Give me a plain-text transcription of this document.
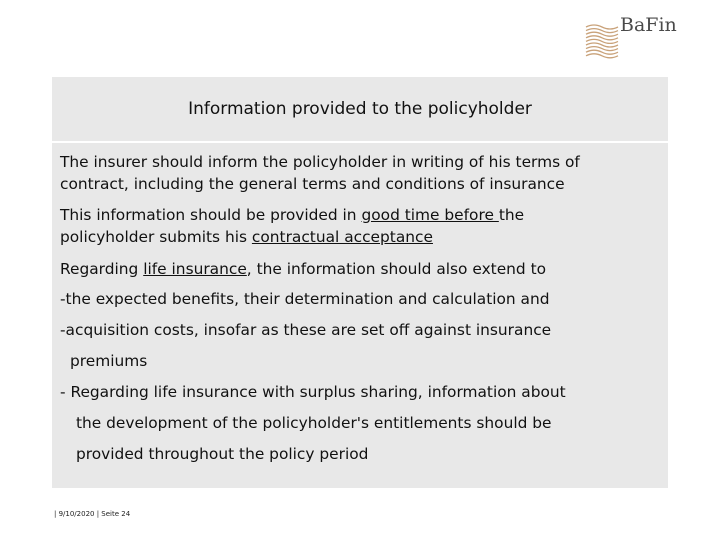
BaFin
Information provided to the policyholder
The insurer should inform the policyholder in writing of his terms of
contract, including the general terms and conditions of insurance
This information should be provided in good time before the
policyholder submits his contractual acceptance
Regarding life insurance, the information should also extend to
-the expected benefits, their determination and calculation and
-acquisition costs, insofar as these are set off against insurance
premiums
- Regarding life insurance with surplus sharing, information about
the development of the policyholder's entitlements should be
provided throughout the policy period
| 9/10/2020 | Seite 24
